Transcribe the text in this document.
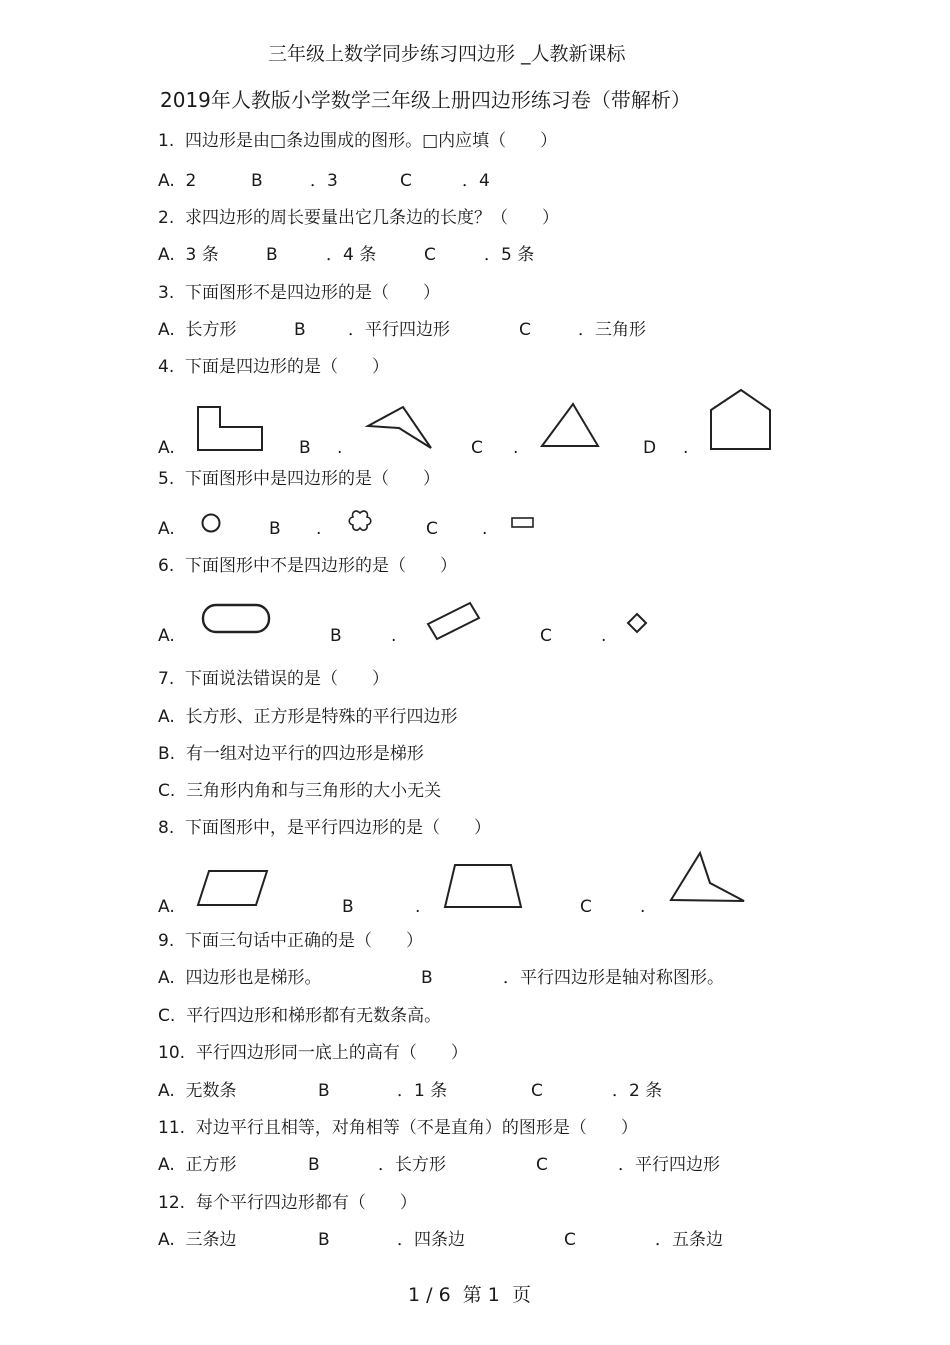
三年级上数学同步练习四边形 _人教新课标
2019年人教版小学数学三年级上册四边形练习卷（带解析）
1.  四边形是由□条边围成的图形。□内应填（　　）
A.  2	B	．3	C	．4
2.  求四边形的周长要量出它几条边的长度？（　　）
A.  3 条	B	．4 条	C	．5 条
3.  下面图形不是四边形的是（　　）
A.  长方形	B ．平行四边形	C	．三角形
4.  下面是四边形的是（　　）
A.	B .	C .	D .
5.  下面图形中是四边形的是（　　）
A.	B .	C	.
6.  下面图形中不是四边形的是（　　）
A.	B	.	C	.
7.  下面说法错误的是（　　）
A.  长方形、正方形是特殊的平行四边形
B.  有一组对边平行的四边形是梯形
C.  三角形内角和与三角形的大小无关
8.  下面图形中，是平行四边形的是（　　）
A.	B	.	C	.
9.  下面三句话中正确的是（　　）
A.  四边形也是梯形。	B	．平行四边形是轴对称图形。
C.  平行四边形和梯形都有无数条高。
10.  平行四边形同一底上的高有（　　）
A.  无数条	B	．1 条	C	．2 条
11.  对边平行且相等，对角相等（不是直角）的图形是（　　）
A.  正方形	B	．长方形	C	．平行四边形
12.  每个平行四边形都有（　　）
A.  三条边	B	．四条边	C	．五条边
1 / 6  第 1  页
